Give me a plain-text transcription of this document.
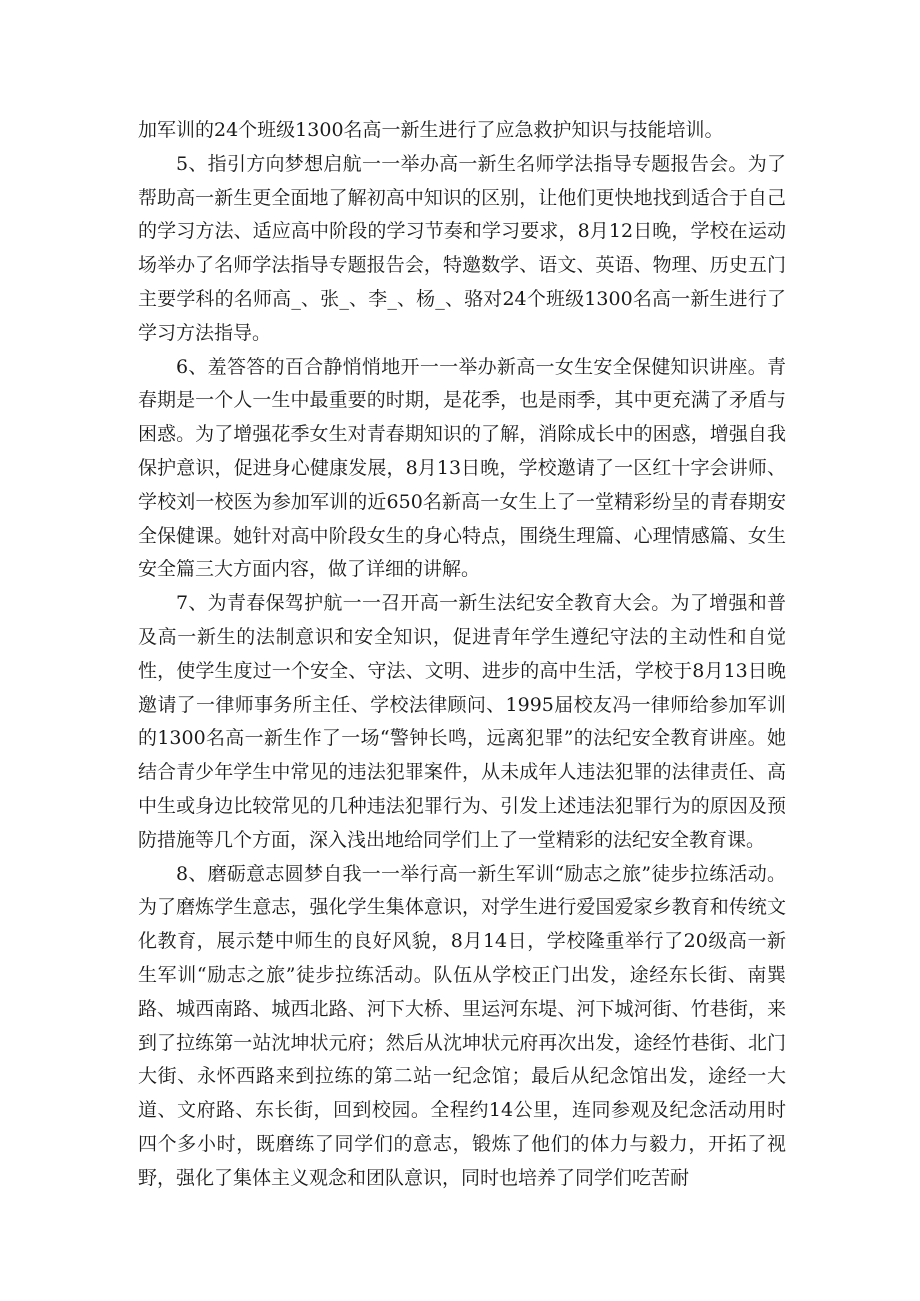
加军训的24个班级1300名高一新生进行了应急救护知识与技能培训。

5、指引方向梦想启航一一举办高一新生名师学法指导专题报告会。为了帮助高一新生更全面地了解初高中知识的区别，让他们更快地找到适合于自己的学习方法、适应高中阶段的学习节奏和学习要求，8月12日晚，学校在运动场举办了名师学法指导专题报告会，特邀数学、语文、英语、物理、历史五门主要学科的名师高_、张_、李_、杨_、骆对24个班级1300名高一新生进行了学习方法指导。

6、羞答答的百合静悄悄地开一一举办新高一女生安全保健知识讲座。青春期是一个人一生中最重要的时期，是花季，也是雨季，其中更充满了矛盾与困惑。为了增强花季女生对青春期知识的了解，消除成长中的困惑，增强自我保护意识，促进身心健康发展，8月13日晚，学校邀请了一区红十字会讲师、学校刘一校医为参加军训的近650名新高一女生上了一堂精彩纷呈的青春期安全保健课。她针对高中阶段女生的身心特点，围绕生理篇、心理情感篇、女生安全篇三大方面内容，做了详细的讲解。

7、为青春保驾护航一一召开高一新生法纪安全教育大会。为了增强和普及高一新生的法制意识和安全知识，促进青年学生遵纪守法的主动性和自觉性，使学生度过一个安全、守法、文明、进步的高中生活，学校于8月13日晚邀请了一律师事务所主任、学校法律顾问、1995届校友冯一律师给参加军训的1300名高一新生作了一场“警钟长鸣，远离犯罪”的法纪安全教育讲座。她结合青少年学生中常见的违法犯罪案件，从未成年人违法犯罪的法律责任、高中生或身边比较常见的几种违法犯罪行为、引发上述违法犯罪行为的原因及预防措施等几个方面，深入浅出地给同学们上了一堂精彩的法纪安全教育课。

8、磨砺意志圆梦自我一一举行高一新生军训“励志之旅”徒步拉练活动。为了磨炼学生意志，强化学生集体意识，对学生进行爱国爱家乡教育和传统文化教育，展示楚中师生的良好风貌，8月14日，学校隆重举行了20级高一新生军训“励志之旅”徒步拉练活动。队伍从学校正门出发，途经东长街、南巽路、城西南路、城西北路、河下大桥、里运河东堤、河下城河街、竹巷街，来到了拉练第一站沈坤状元府；然后从沈坤状元府再次出发，途经竹巷街、北门大街、永怀西路来到拉练的第二站一纪念馆；最后从纪念馆出发，途经一大道、文府路、东长街，回到校园。全程约14公里，连同参观及纪念活动用时四个多小时，既磨练了同学们的意志，锻炼了他们的体力与毅力，开拓了视野，强化了集体主义观念和团队意识，同时也培养了同学们吃苦耐
